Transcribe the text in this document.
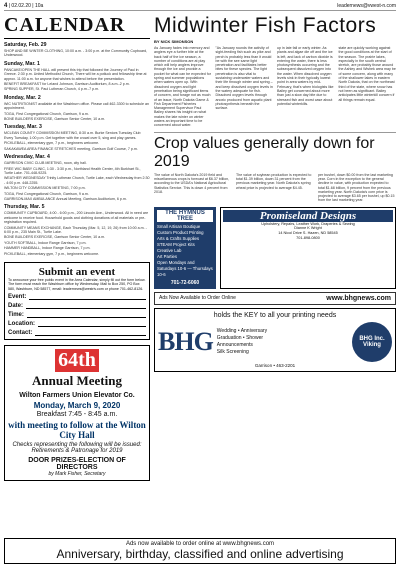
4 | 02.02.20 | 10a	leadernews@vwest-n.com
CALENDAR
Saturday, Feb. 29
SHOP AND BE WINTER CLOTHING, 10:00 a.m. - 3:00 p.m. at the Community Cupboard, Underwood.
Sunday, Mar. 1
PANCAKE/OPEN THE HALL will present this trip that followed the Journey of Paul in Greece. 2:30 p.m. United Methodist Church, There will be a potluck and fellowship time at approx. 11:00 a.m. for anyone that wishes to attend before the presentation.
BENEFIT BREAKFAST for Leland Johnson, Garrison Auditorium, 8 a.m.-2 p.m.
SPRING SUPPER, St. Paul Lutheran Church, 4 p.m.-7 p.m.
Monday, Mar. 2
WIC NUTRITIONIST available at the Washburn office. Please call 462-3300 to schedule an appointment.
TOGA, First Congregational Church, Garrison, 9 a.m.
BONE BUILDERS EXERCISE, Garrison Senior Center, 10 a.m.
Tuesday, Mar. 3
MCLEAN COUNTY COMMISSION MEETING, 8:30 a.m. Burke Seniors Tuesday Club Every Tuesday, 1:00 p.m. Get together with the crowd over 5, sing and play games.
PICKLEBALL, elementary gym, 7 p.m., beginners welcome.
SAKAKAWEA AREA FINANCE STRETCHES meeting, Garrison Golf Course, 7 p.m.
Wednesday, Mar. 4
GARRISON CIVIC CLUB MEETING, noon, city hall.
FREE WIC BABY CLINIC, 1:30 - 3:30 p.m., Northland Health Center, 4th Burkhart St., Turtle Lake. 701-448-9225.
WEATHER WEDNESDAY Trinity Lutheran Church, Turtle Lake, each Wednesday from 2:30 - 4:00 p.m. 448-2255.
WILTON CITY COMMISSION MEETING, 7:00 p.m.
TOGA, First Congregational Church, Garrison, 9 a.m.
GARRISON-MAX AMBULANCE Annual Meeting, Garrison Auditorium, 6 p.m.
Thursday, Mar. 5
COMMUNITY CUPBOARD, 4:00 - 6:00 p.m., 200 Lincoln Ave., Underwood. All in need are welcome to receive food. Household goods and clothing donations of all materials or pre-registration required.
COMMUNITY MEANS EXCHANGE, Each Thursday (Mar. 5, 12, 19, 26) from 10:00 a.m. - 6:00 p.m., 235 Main St., Turtle Lake.
BONE BUILDERS EXERCISE, Garrison Senior Center, 10 a.m.
YOUTH SOFTBALL, Indoor Range Garrison, 7 p.m.
HAMMER HANDBALL, Indoor Range Garrison, 7 p.m.
PICKLEBALL, elementary gym, 7 p.m., beginners welcome.
Submit an event

To announce your free public event in the Area Calendar, simply fill out the form below. The form must reach the Washburn office by Wednesday. Mail to Box 250, PO Box 580, Washburn, ND 58577, email: leadernews@westriv.com or phone 701-462-8126.

Event:
Date:
Time:
Location:
Contact:
64th Annual Meeting
Wilton Farmers Union Elevator Co.
Monday, March 9, 2020
Breakfast 7:45 - 8:45 a.m.
with meeting to follow at the Wilton City Hall
Checks representing the following will be issued: Retirements & Patronage for 2019
DOOR PRIZES-ELECTION OF DIRECTORS
by Mark Fisher, Secretary
Midwinter Fish Factors
BY NICK SIMONSON
As January fades into memory and anglers eye a further bite at the back half of the ice season, a number of conditions are at play which will help anglers improve through the ice and provide a pocket for what can be expected for spring and summer populations when waters open up. With dissolved oxygen and light penetration being significant items of concern, and forage not as much of an issue, North Dakota Game & Fish Department Fisheries Management Supervisor Paul Bailey shares his insight on what makes the late winter on winter waters an important time to be concerned about water.
"As January rounds the activity of sight-feeding fish such as pike and perch is probably less than it would be with the see same light penetration and facilitates better bites for these species. The light penetration is also vital to sustaining underwater waters and their life through winter and spring – and keep dissolved oxygen levels in the watery adequate for fish. Dissolved oxygen levels through anoxic produced from aquatic plant photosynthesis beneath the surface.
up in late fall or early winter. As plants and algae die off and the ice is left, and lack of carbon dioxide is entering the water, there is less photosynthesis occurring and the subsequent dissolved oxygen into the water. When dissolved oxygen levels sink in their typically lowest point in area waters by mid-February, that's when biologists like Bailey get concerned about more than just a slow day bite due to stressed fish and worst case about potential winterkills.
state are quickly working against the good conditions at the start of the season. The prairie lakes, especially in the south central stretch, are probably those around the Ashley and Wishek area may be of some concern, along with many of the shallower lakes in eastern North Dakota, that on the northeast third of the state, where snow has not been as significant. Bailey anticipates little winterkill concern if all things remain equal.
Crop values generally down for 2019
The value of North Dakota's 2019 field and miscellaneous crops is forecast at $6.37 billion, according to the USDA's National Agricultural Statistics Service. This is down 4 percent from 2018.
The value of soybean production is expected to total $1.39 billion, down 31 percent from the previous marketing year. North Dakota's spring wheat price is projected to average $4.45.
per bushel, down $0.00 from the last marketing year. Corn in the exception to the general decline in value, with production expected to total $1.68 billion, 9 percent from the previous marketing year. North Dakota's corn price is projected to average $3.65 per bushel, up $0.15 from the last marketing year.
THE HYMNUS TREE
Small Artisan Boutique
Custom Product Printing
Arts & Crafts Supplies
STEAM Project Kits
Creative Lab
Art Parties
Open Mondays and Saturdays 10-6 — Thursdays 10-6
701-72-6060
Promiseland Designs

Upholstery, Repairs, Leather Work, Draperies & Sewing

Dianne K Wright

14 Nicol Drive S. Hazen, ND 58545

701-898-0800

Ads Now Available to Order Online	www.bhgnews.com
holds the KEY to all your printing needs
BHG Wedding • Anniversary
Graduation • Shower
Announcements
Silk Screening
BHG Inc. Viking
Garrison • 463-2201
Ads now available to order online at www.bhgnews.com
Anniversary, birthday, classified and online advertising
